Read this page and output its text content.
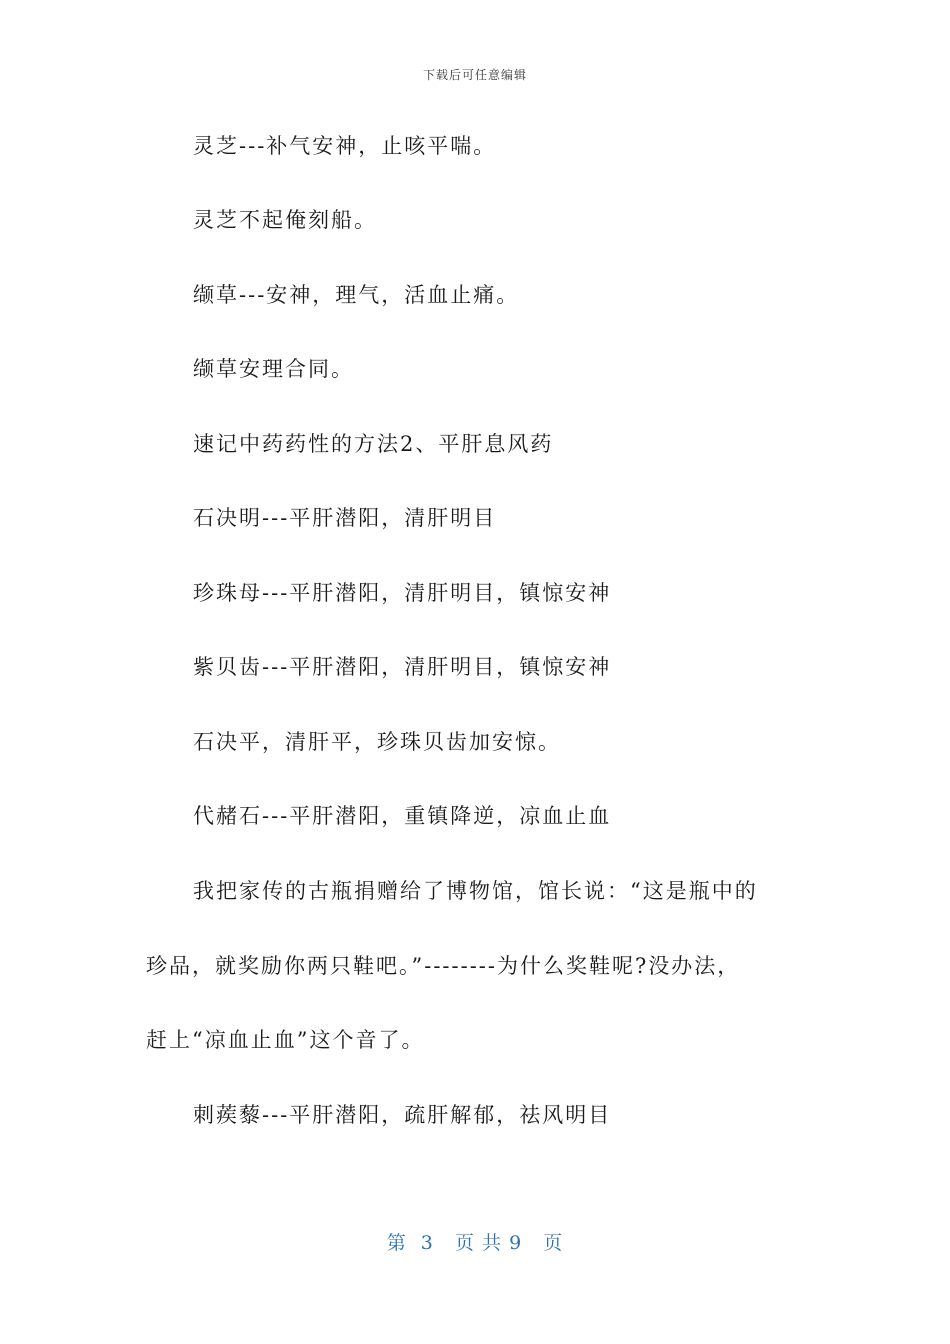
下载后可任意编辑
灵芝---补气安神，止咳平喘。
灵芝不起俺刻船。
缬草---安神，理气，活血止痛。
缬草安理合同。
速记中药药性的方法2、平肝息风药
石决明---平肝潜阳，清肝明目
珍珠母---平肝潜阳，清肝明目，镇惊安神
紫贝齿---平肝潜阳，清肝明目，镇惊安神
石决平，清肝平，珍珠贝齿加安惊。
代赭石---平肝潜阳，重镇降逆，凉血止血
我把家传的古瓶捐赠给了博物馆，馆长说：“这是瓶中的
珍品，就奖励你两只鞋吧。”--------为什么奖鞋呢?没办法，
赶上“凉血止血”这个音了。
刺蒺藜---平肝潜阳，疏肝解郁，祛风明目
第  3   页 共 9   页
